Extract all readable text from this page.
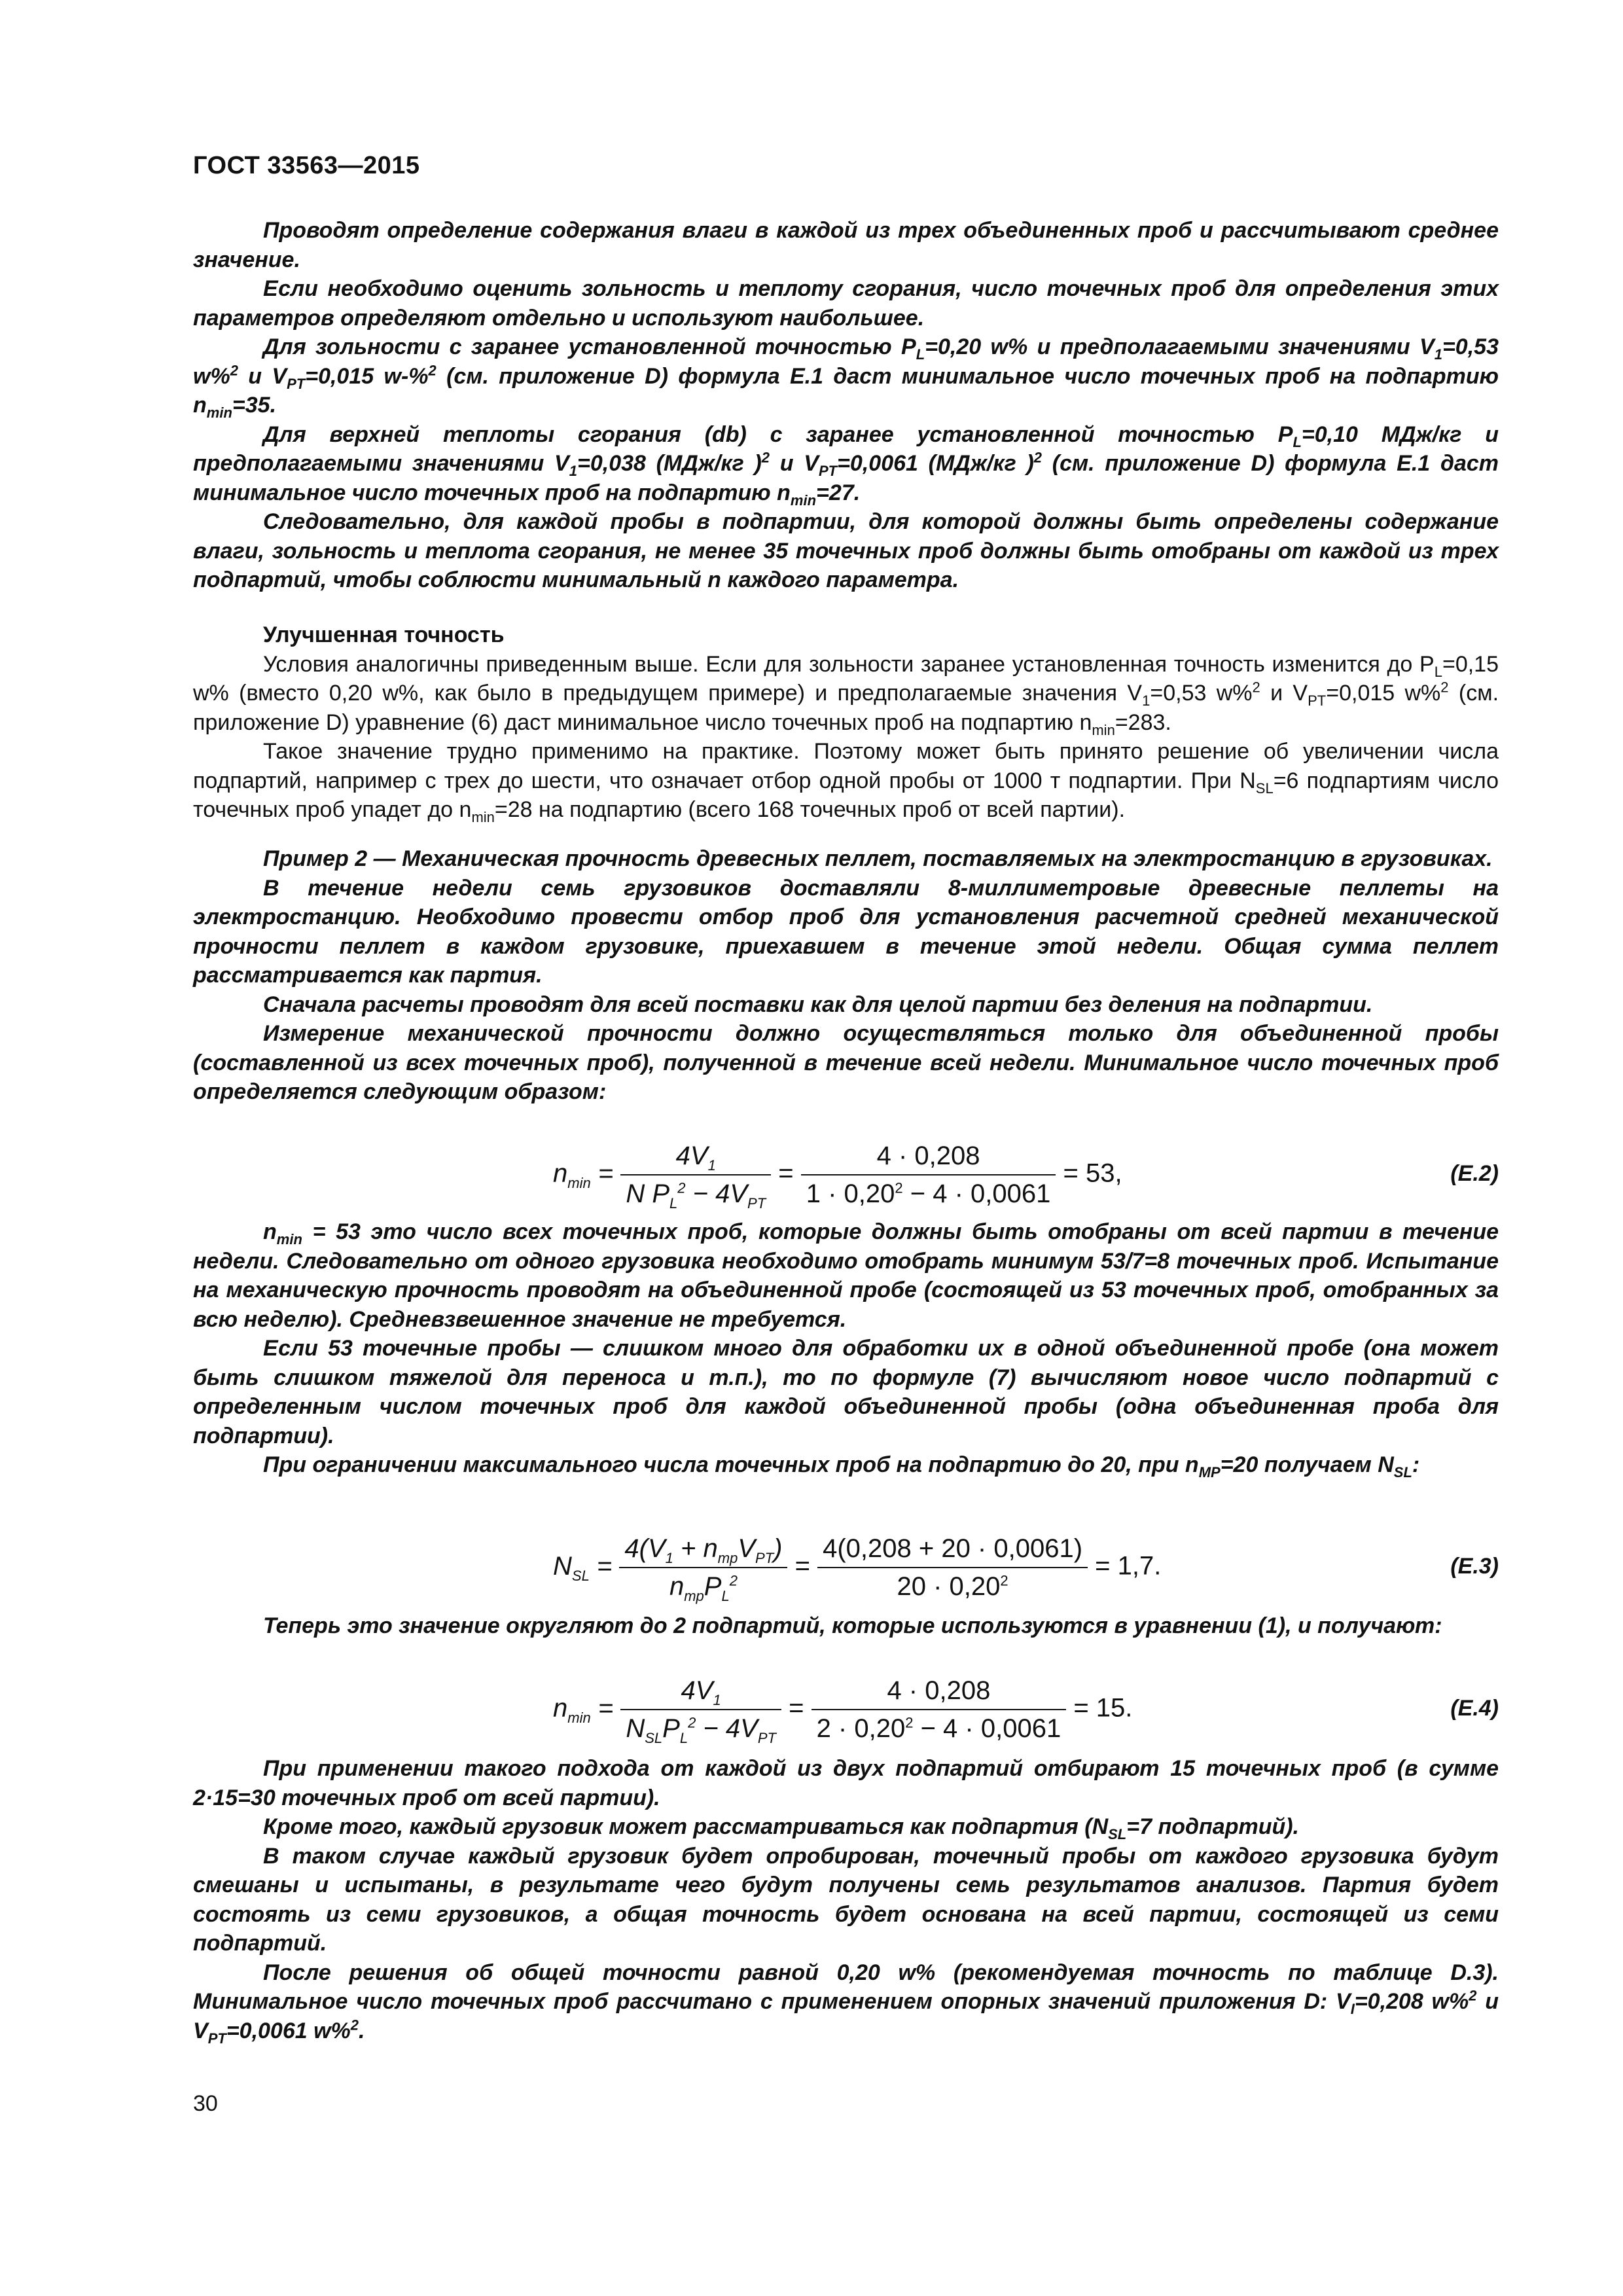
ГОСТ 33563—2015

Проводят определение содержания влаги в каждой из трех объединенных проб и рассчитывают среднее значение.

Если необходимо оценить зольность и теплоту сгорания, число точечных проб для определения этих параметров определяют отдельно и используют наибольшее.

Для зольности с заранее установленной точностью $P_L=0,20$ w% и предполагаемыми значениями $V_1=0,53$ w%$^2$ и $V_{PT}=0,015$ w-%$^2$ (см. приложение D) формула Е.1 даст минимальное число точечных проб на подпартию $n_{min}=35$.

Для верхней теплоты сгорания (db) с заранее установленной точностью $P_L=0,10$ МДж/кг и предполагаемыми значениями $V_1=0,038$ (МДж/кг )$^2$ и $V_{PT}=0,0061$ (МДж/кг )$^2$ (см. приложение D) формула Е.1 даст минимальное число точечных проб на подпартию $n_{min}=27$.

Следовательно, для каждой пробы в подпартии, для которой должны быть определены содержание влаги, зольность и теплота сгорания, не менее 35 точечных проб должны быть отобраны от каждой из трех подпартий, чтобы соблюсти минимальный n каждого параметра.

Улучшенная точность

Условия аналогичны приведенным выше. Если для зольности заранее установленная точность изменится до $P_L=0,15$ w% (вместо 0,20 w%, как было в предыдущем примере) и предполагаемые значения $V_1=0,53$ w%$^2$ и $V_{PT}=0,015$ w%$^2$ (см. приложение D) уравнение (6) даст минимальное число точечных проб на подпартию $n_{min}=283$.

Такое значение трудно применимо на практике. Поэтому может быть принято решение об увеличении числа подпартий, например с трех до шести, что означает отбор одной пробы от 1000 т подпартии. При $N_{SL}=6$ подпартиям число точечных проб упадет до $n_{min}=28$ на подпартию (всего 168 точечных проб от всей партии).

Пример 2 — Механическая прочность древесных пеллет, поставляемых на электростанцию в грузовиках.

В течение недели семь грузовиков доставляли 8-миллиметровые древесные пеллеты на электростанцию. Необходимо провести отбор проб для установления расчетной средней механической прочности пеллет в каждом грузовике, приехавшем в течение этой недели. Общая сумма пеллет рассматривается как партия.

Сначала расчеты проводят для всей поставки как для целой партии без деления на подпартии.

Измерение механической прочности должно осуществляться только для объединенной пробы (составленной из всех точечных проб), полученной в течение всей недели. Минимальное число точечных проб определяется следующим образом:

$n_{min} = \frac{4V_1}{N P_L^2 - 4V_{PT}} = \frac{4 \cdot 0,208}{1 \cdot 0,20^2 - 4 \cdot 0,0061} = 53$,	(E.2)

$n_{min} = 53$ это число всех точечных проб, которые должны быть отобраны от всей партии в течение недели. Следовательно от одного грузовика необходимо отобрать минимум 53/7=8 точечных проб. Испытание на механическую прочность проводят на объединенной пробе (состоящей из 53 точечных проб, отобранных за всю неделю). Средневзвешенное значение не требуется.

Если 53 точечные пробы — слишком много для обработки их в одной объединенной пробе (она может быть слишком тяжелой для переноса и т.п.), то по формуле (7) вычисляют новое число подпартий с определенным числом точечных проб для каждой объединенной пробы (одна объединенная проба для подпартии).

При ограничении максимального числа точечных проб на подпартию до 20, при $n_{MP}=20$ получаем $N_{SL}$:

$N_{SL} = \frac{4(V_1 + n_{mp}V_{PT})}{n_{mp}P_L^2} = \frac{4(0,208 + 20 \cdot 0,0061)}{20 \cdot 0,20^2} = 1,7$.	(E.3)

Теперь это значение округляют до 2 подпартий, которые используются в уравнении (1), и получают:

$n_{min} = \frac{4V_1}{N_{SL}P_L^2 - 4V_{PT}} = \frac{4 \cdot 0,208}{2 \cdot 0,20^2 - 4 \cdot 0,0061} = 15$.	(E.4)

При применении такого подхода от каждой из двух подпартий отбирают 15 точечных проб (в сумме 2·15=30 точечных проб от всей партии).

Кроме того, каждый грузовик может рассматриваться как подпартия ($N_{SL}=7$ подпартий).

В таком случае каждый грузовик будет опробирован, точечный пробы от каждого грузовика будут смешаны и испытаны, в результате чего будут получены семь результатов анализов. Партия будет состоять из семи грузовиков, а общая точность будет основана на всей партии, состоящей из семи подпартий.

После решения об общей точности равной 0,20 w% (рекомендуемая точность по таблице D.3). Минимальное число точечных проб рассчитано с применением опорных значений приложения D: $V_I=0,208$ w%$^2$ и $V_{PT}=0,0061$ w%$^2$.

30
